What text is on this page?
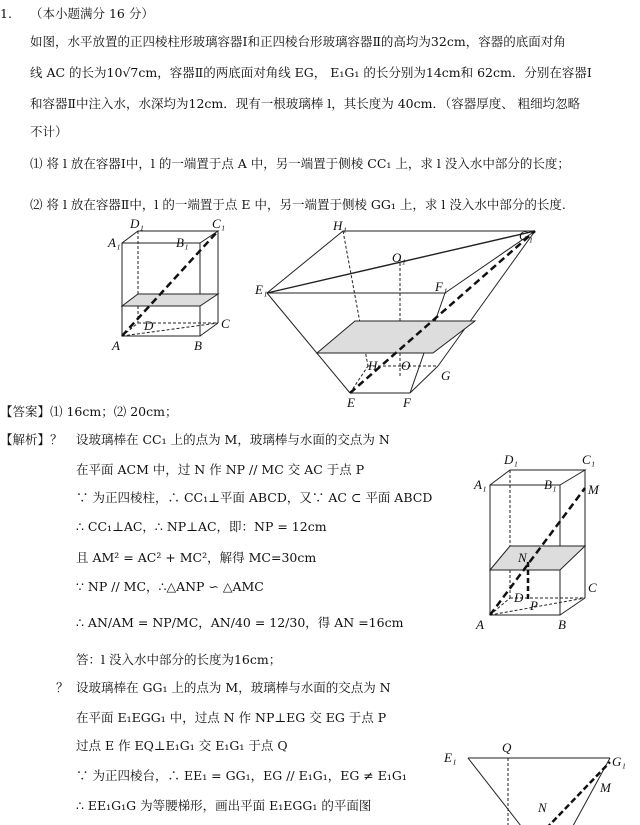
1. （本小题满分 16 分）
如图，水平放置的正四棱柱形玻璃容器Ⅰ和正四棱台形玻璃容器Ⅱ的高均为32cm，容器的底面对角
线 AC 的长为10√7cm，容器Ⅱ的两底面对角线 EG， E₁G₁ 的长分别为14cm和 62cm．分别在容器Ⅰ
和容器Ⅱ中注入水，水深均为12cm．现有一根玻璃棒 l，其长度为 40cm．（容器厚度、 粗细均忽略
不计）
⑴ 将 l 放在容器Ⅰ中，l 的一端置于点 A 中，另一端置于侧棱 CC₁ 上，求 l 没入水中部分的长度；
⑵ 将 l 放在容器Ⅱ中，l 的一端置于点 E 中，另一端置于侧棱 GG₁ 上，求 l 没入水中部分的长度.
D₁	C₁
A₁	B₁
D	C
A	B
H₁
G₁
O₁
E₁	F₁
H O
G
E	F
【答案】⑴ 16cm；⑵ 20cm；
【解析】？ 设玻璃棒在 CC₁ 上的点为 M，玻璃棒与水面的交点为 N
在平面 ACM 中，过 N 作 NP // MC 交 AC 于点 P
∵ 为正四棱柱，∴ CC₁⊥平面 ABCD，又∵ AC ⊂ 平面 ABCD
∴ CC₁⊥AC，∴ NP⊥AC，即：NP = 12cm
且 AM² = AC² + MC²，解得 MC=30cm
∵ NP // MC，∴△ANP ∽ △AMC
∴ AN/AM = NP/MC，AN/40 = 12/30，得 AN =16cm
答：l 没入水中部分的长度为16cm；
？ 设玻璃棒在 GG₁ 上的点为 M，玻璃棒与水面的交点为 N
在平面 E₁EGG₁ 中，过点 N 作 NP⊥EG 交 EG 于点 P
过点 E 作 EQ⊥E₁G₁ 交 E₁G₁ 于点 Q
∵ 为正四棱台，∴ EE₁ = GG₁，EG // E₁G₁，EG ≠ E₁G₁
∴ EE₁G₁G 为等腰梯形，画出平面 E₁EGG₁ 的平面图
D₁	C₁
A₁	B₁ M
N
D
P
C
A	B
E₁
Q
G₁
N
M
